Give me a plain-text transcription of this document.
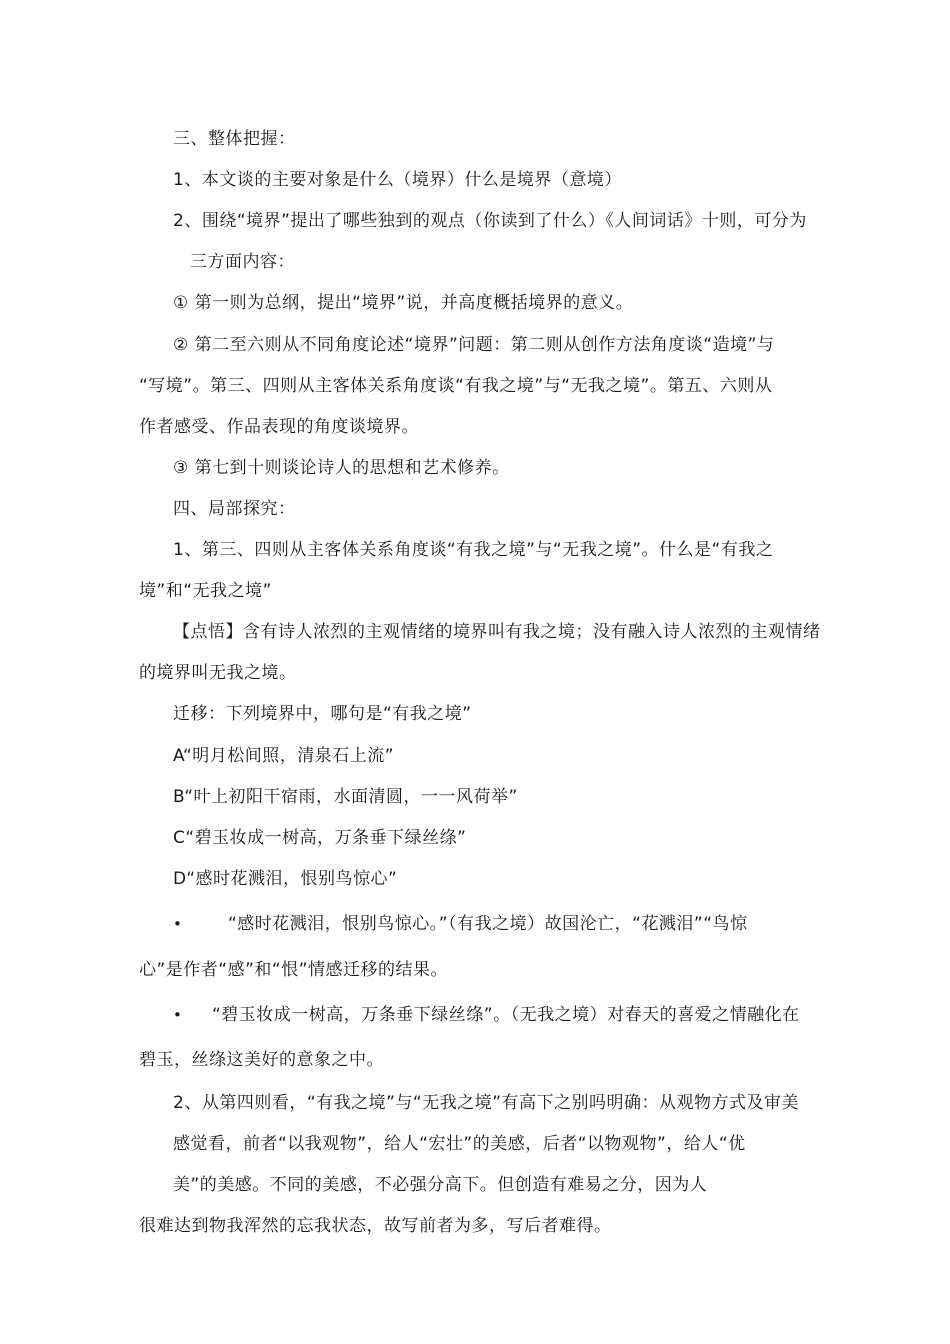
三、整体把握：
1、本文谈的主要对象是什么（境界）什么是境界（意境）
2、围绕“境界”提出了哪些独到的观点（你读到了什么）《人间词话》十则，可分为
三方面内容：
① 第一则为总纲，提出“境界”说，并高度概括境界的意义。
② 第二至六则从不同角度论述“境界”问题：第二则从创作方法角度谈“造境”与
“写境”。第三、四则从主客体关系角度谈“有我之境”与“无我之境”。第五、六则从
作者感受、作品表现的角度谈境界。
③ 第七到十则谈论诗人的思想和艺术修养。
四、局部探究：
1、第三、四则从主客体关系角度谈“有我之境”与“无我之境”。什么是“有我之
境”和“无我之境”
【点悟】含有诗人浓烈的主观情绪的境界叫有我之境；没有融入诗人浓烈的主观情绪
的境界叫无我之境。
迁移：下列境界中，哪句是“有我之境”
A“明月松间照，清泉石上流”
B“叶上初阳干宿雨，水面清圆，一一风荷举”
C“碧玉妆成一树高，万条垂下绿丝绦”
D“感时花溅泪，恨别鸟惊心”
•	“感时花溅泪，恨别鸟惊心。”（有我之境）故国沦亡，“花溅泪”“鸟惊
心”是作者“感”和“恨”情感迁移的结果。
• “碧玉妆成一树高，万条垂下绿丝绦”。（无我之境）对春天的喜爱之情融化在
碧玉，丝绦这美好的意象之中。
2、从第四则看，“有我之境”与“无我之境”有高下之别吗明确：从观物方式及审美
感觉看，前者“以我观物”，给人“宏壮”的美感，后者“以物观物”，给人“优
美”的美感。不同的美感，不必强分高下。但创造有难易之分，因为人
很难达到物我浑然的忘我状态，故写前者为多，写后者难得。
